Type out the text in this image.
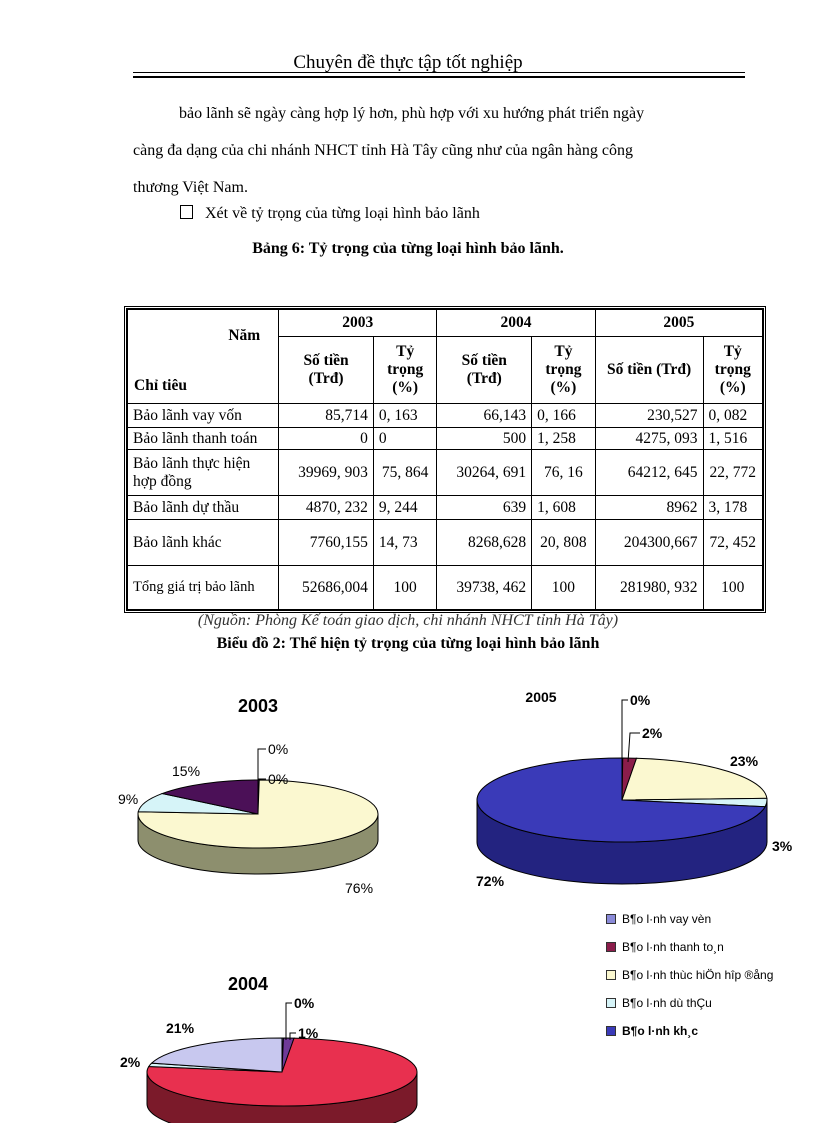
Chuyên đề thực tập tốt nghiệp
bảo lãnh sẽ ngày càng hợp lý hơn, phù hợp với xu hướng phát triển ngày
càng đa dạng của chi nhánh NHCT tỉnh Hà Tây cũng như của ngân hàng công
thương Việt Nam.
Xét về tỷ trọng của từng loại hình bảo lãnh
Bảng 6: Tỷ trọng của từng loại hình bảo lãnh.
Năm
Chỉ tiêu	2003		2004		2005	
	Số tiền (Trđ)	Tỷ trọng (%)	Số tiền (Trđ)	Tỷ trọng (%)	Số tiền (Trđ)	Tỷ trọng (%)
Bảo lãnh vay vốn	85,714	0, 163	66,143	0, 166	230,527	0, 082
Bảo lãnh thanh toán	0	0	500	1, 258	4275, 093	1, 516
Bảo lãnh thực hiện hợp đồng	39969, 903	75, 864	30264, 691	76, 16	64212, 645	22, 772
Bảo lãnh dự thầu	4870, 232	9, 244	639	1, 608	8962	3, 178
Bảo lãnh khác	7760,155	14, 73	8268,628	20, 808	204300,667	72, 452
Tổng giá trị bảo lãnh	52686,004	100	39738, 462	100	281980, 932	100
(Nguồn: Phòng Kế toán giao dịch, chi nhánh NHCT tỉnh Hà Tây)
Biểu đồ 2: Thể hiện tỷ trọng của từng loại hình bảo lãnh
2003
2004
2005
0%
0%
76%
9%
15%
0%
1%
2%
21%
0%
2%
23%
3%
72%
B¶o l·nh vay vèn
B¶o l·nh thanh to¸n
B¶o l·nh thùc hiÖn hîp ®ång
B¶o l·nh dù thÇu
B¶o l·nh kh¸c
